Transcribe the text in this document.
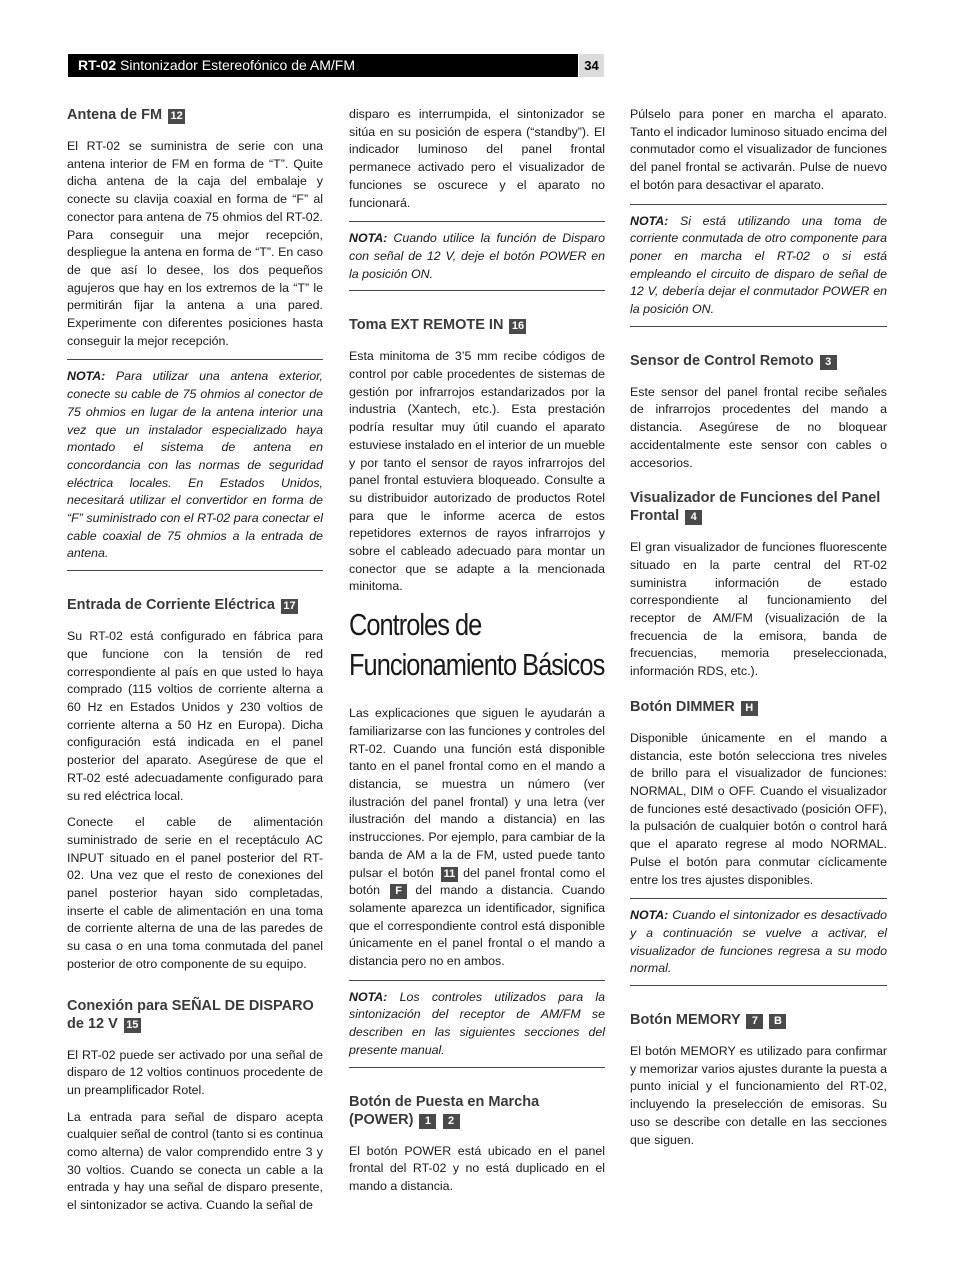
RT-02 Sintonizador Estereofónico de AM/FM	34
Antena de FM 12

El RT-02 se suministra de serie con una antena interior de FM en forma de “T”. Quite dicha antena de la caja del embalaje y conecte su clavija coaxial en forma de “F” al conector para antena de 75 ohmios del RT-02. Para conseguir una mejor recepción, despliegue la antena en forma de “T”. En caso de que así lo desee, los dos pequeños agujeros que hay en los extremos de la “T” le permitirán fijar la antena a una pared. Experimente con diferentes posiciones hasta conseguir la mejor recepción.

NOTA: Para utilizar una antena exterior, conecte su cable de 75 ohmios al conector de 75 ohmios en lugar de la antena interior una vez que un instalador especializado haya montado el sistema de antena en concordancia con las normas de seguridad eléctrica locales. En Estados Unidos, necesitará utilizar el convertidor en forma de “F” suministrado con el RT-02 para conectar el cable coaxial de 75 ohmios a la entrada de antena.
Entrada de Corriente Eléctrica 17

Su RT-02 está configurado en fábrica para que funcione con la tensión de red correspondiente al país en que usted lo haya comprado (115 voltios de corriente alterna a 60 Hz en Estados Unidos y 230 voltios de corriente alterna a 50 Hz en Europa). Dicha configuración está indicada en el panel posterior del aparato. Asegúrese de que el RT-02 esté adecuadamente configurado para su red eléctrica local.

Conecte el cable de alimentación suministrado de serie en el receptáculo AC INPUT situado en el panel posterior del RT-02. Una vez que el resto de conexiones del panel posterior hayan sido completadas, inserte el cable de alimentación en una toma de corriente alterna de una de las paredes de su casa o en una toma conmutada del panel posterior de otro componente de su equipo.

Conexión para SEÑAL DE DISPARO de 12 V 15

El RT-02 puede ser activado por una señal de disparo de 12 voltios continuos procedente de un preamplificador Rotel.

La entrada para señal de disparo acepta cualquier señal de control (tanto si es continua como alterna) de valor comprendido entre 3 y 30 voltios. Cuando se conecta un cable a la entrada y hay una señal de disparo presente, el sintonizador se activa. Cuando la señal de

disparo es interrumpida, el sintonizador se sitúa en su posición de espera (“standby”). El indicador luminoso del panel frontal permanece activado pero el visualizador de funciones se oscurece y el aparato no funcionará.

NOTA: Cuando utilice la función de Disparo con señal de 12 V, deje el botón POWER en la posición ON.
Toma EXT REMOTE IN 16

Esta minitoma de 3’5 mm recibe códigos de control por cable procedentes de sistemas de gestión por infrarrojos estandarizados por la industria (Xantech, etc.). Esta prestación podría resultar muy útil cuando el aparato estuviese instalado en el interior de un mueble y por tanto el sensor de rayos infrarrojos del panel frontal estuviera bloqueado. Consulte a su distribuidor autorizado de productos Rotel para que le informe acerca de estos repetidores externos de rayos infrarrojos y sobre el cableado adecuado para montar un conector que se adapte a la mencionada minitoma.

Controles de
Funcionamiento Básicos

Las explicaciones que siguen le ayudarán a familiarizarse con las funciones y controles del RT-02. Cuando una función está disponible tanto en el panel frontal como en el mando a distancia, se muestra un número (ver ilustración del panel frontal) y una letra (ver ilustración del mando a distancia) en las instrucciones. Por ejemplo, para cambiar de la banda de AM a la de FM, usted puede tanto pulsar el botón 11 del panel frontal como el botón F del mando a distancia. Cuando solamente aparezca un identificador, significa que el correspondiente control está disponible únicamente en el panel frontal o el mando a distancia pero no en ambos.

NOTA: Los controles utilizados para la sintonización del receptor de AM/FM se describen en las siguientes secciones del presente manual.
Botón de Puesta en Marcha (POWER) 1 2

El botón POWER está ubicado en el panel frontal del RT-02 y no está duplicado en el mando a distancia.

Púlselo para poner en marcha el aparato. Tanto el indicador luminoso situado encima del conmutador como el visualizador de funciones del panel frontal se activarán. Pulse de nuevo el botón para desactivar el aparato.

NOTA: Si está utilizando una toma de corriente conmutada de otro componente para poner en marcha el RT-02 o si está empleando el circuito de disparo de señal de 12 V, debería dejar el conmutador POWER en la posición ON.
Sensor de Control Remoto 3

Este sensor del panel frontal recibe señales de infrarrojos procedentes del mando a distancia. Asegúrese de no bloquear accidentalmente este sensor con cables o accesorios.

Visualizador de Funciones del Panel Frontal 4

El gran visualizador de funciones fluorescente situado en la parte central del RT-02 suministra información de estado correspondiente al funcionamiento del receptor de AM/FM (visualización de la frecuencia de la emisora, banda de frecuencias, memoria preseleccionada, información RDS, etc.).

Botón DIMMER H

Disponible únicamente en el mando a distancia, este botón selecciona tres niveles de brillo para el visualizador de funciones: NORMAL, DIM o OFF. Cuando el visualizador de funciones esté desactivado (posición OFF), la pulsación de cualquier botón o control hará que el aparato regrese al modo NORMAL. Pulse el botón para conmutar cíclicamente entre los tres ajustes disponibles.

NOTA: Cuando el sintonizador es desactivado y a continuación se vuelve a activar, el visualizador de funciones regresa a su modo normal.
Botón MEMORY 7 B

El botón MEMORY es utilizado para confirmar y memorizar varios ajustes durante la puesta a punto inicial y el funcionamiento del RT-02, incluyendo la preselección de emisoras. Su uso se describe con detalle en las secciones que siguen.
